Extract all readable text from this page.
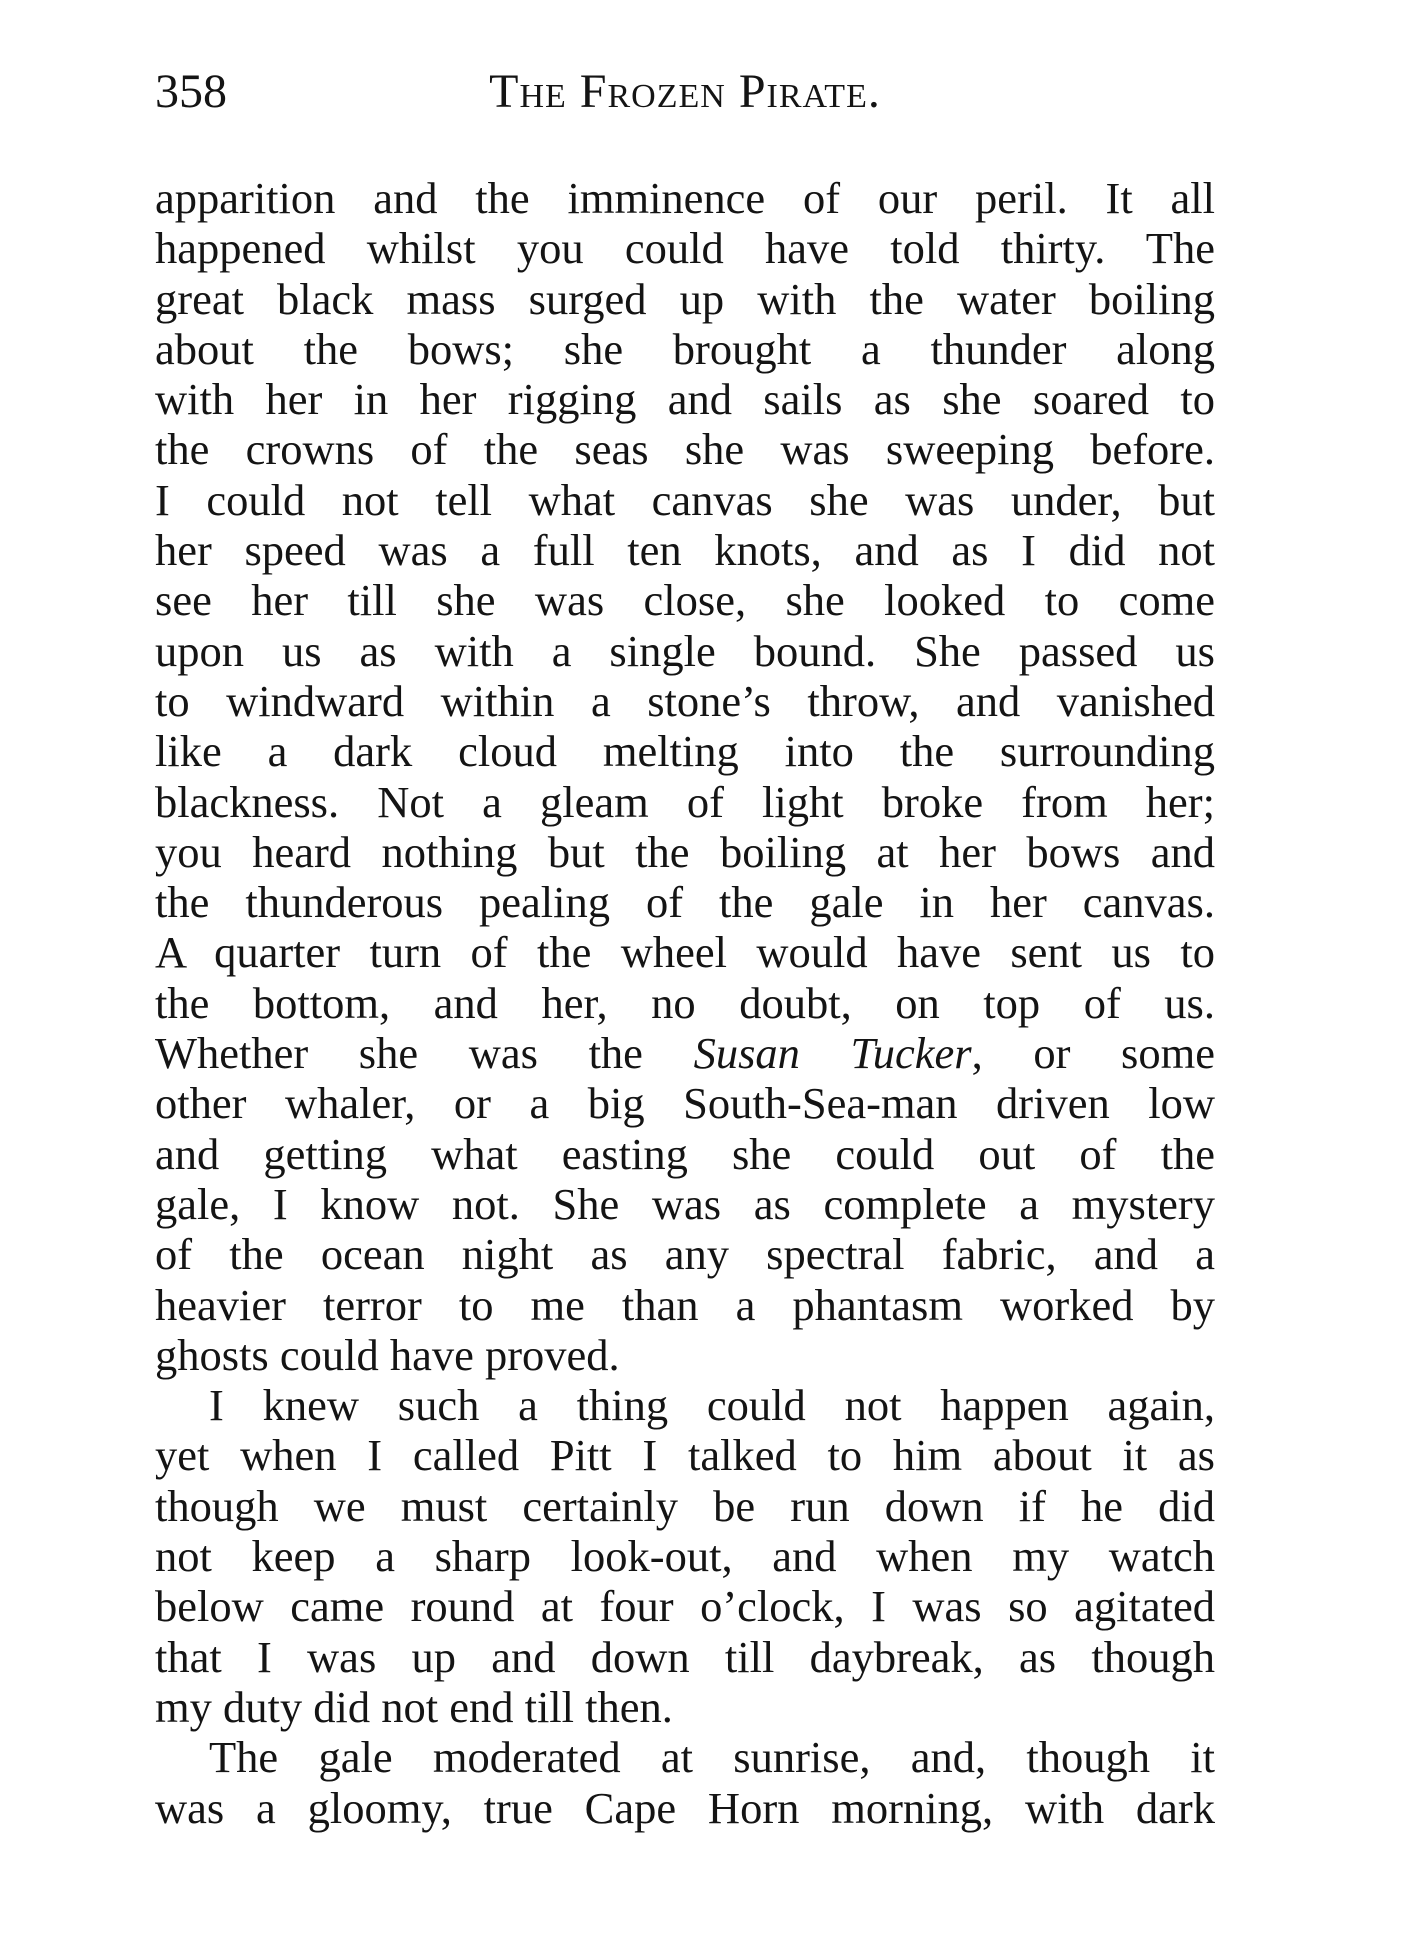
358	The Frozen Pirate.
apparition and the imminence of our peril. It all
happened whilst you could have told thirty. The
great black mass surged up with the water boiling
about the bows; she brought a thunder along
with her in her rigging and sails as she soared to
the crowns of the seas she was sweeping before.
I could not tell what canvas she was under, but
her speed was a full ten knots, and as I did not
see her till she was close, she looked to come
upon us as with a single bound. She passed us
to windward within a stone’s throw, and vanished
like a dark cloud melting into the surrounding
blackness. Not a gleam of light broke from her;
you heard nothing but the boiling at her bows and
the thunderous pealing of the gale in her canvas.
A quarter turn of the wheel would have sent us to
the bottom, and her, no doubt, on top of us.
Whether she was the Susan Tucker, or some
other whaler, or a big South-Sea-man driven low
and getting what easting she could out of the
gale, I know not. She was as complete a mystery
of the ocean night as any spectral fabric, and a
heavier terror to me than a phantasm worked by
ghosts could have proved.
I knew such a thing could not happen again,
yet when I called Pitt I talked to him about it as
though we must certainly be run down if he did
not keep a sharp look-out, and when my watch
below came round at four o’clock, I was so agitated
that I was up and down till daybreak, as though
my duty did not end till then.
The gale moderated at sunrise, and, though it
was a gloomy, true Cape Horn morning, with dark
